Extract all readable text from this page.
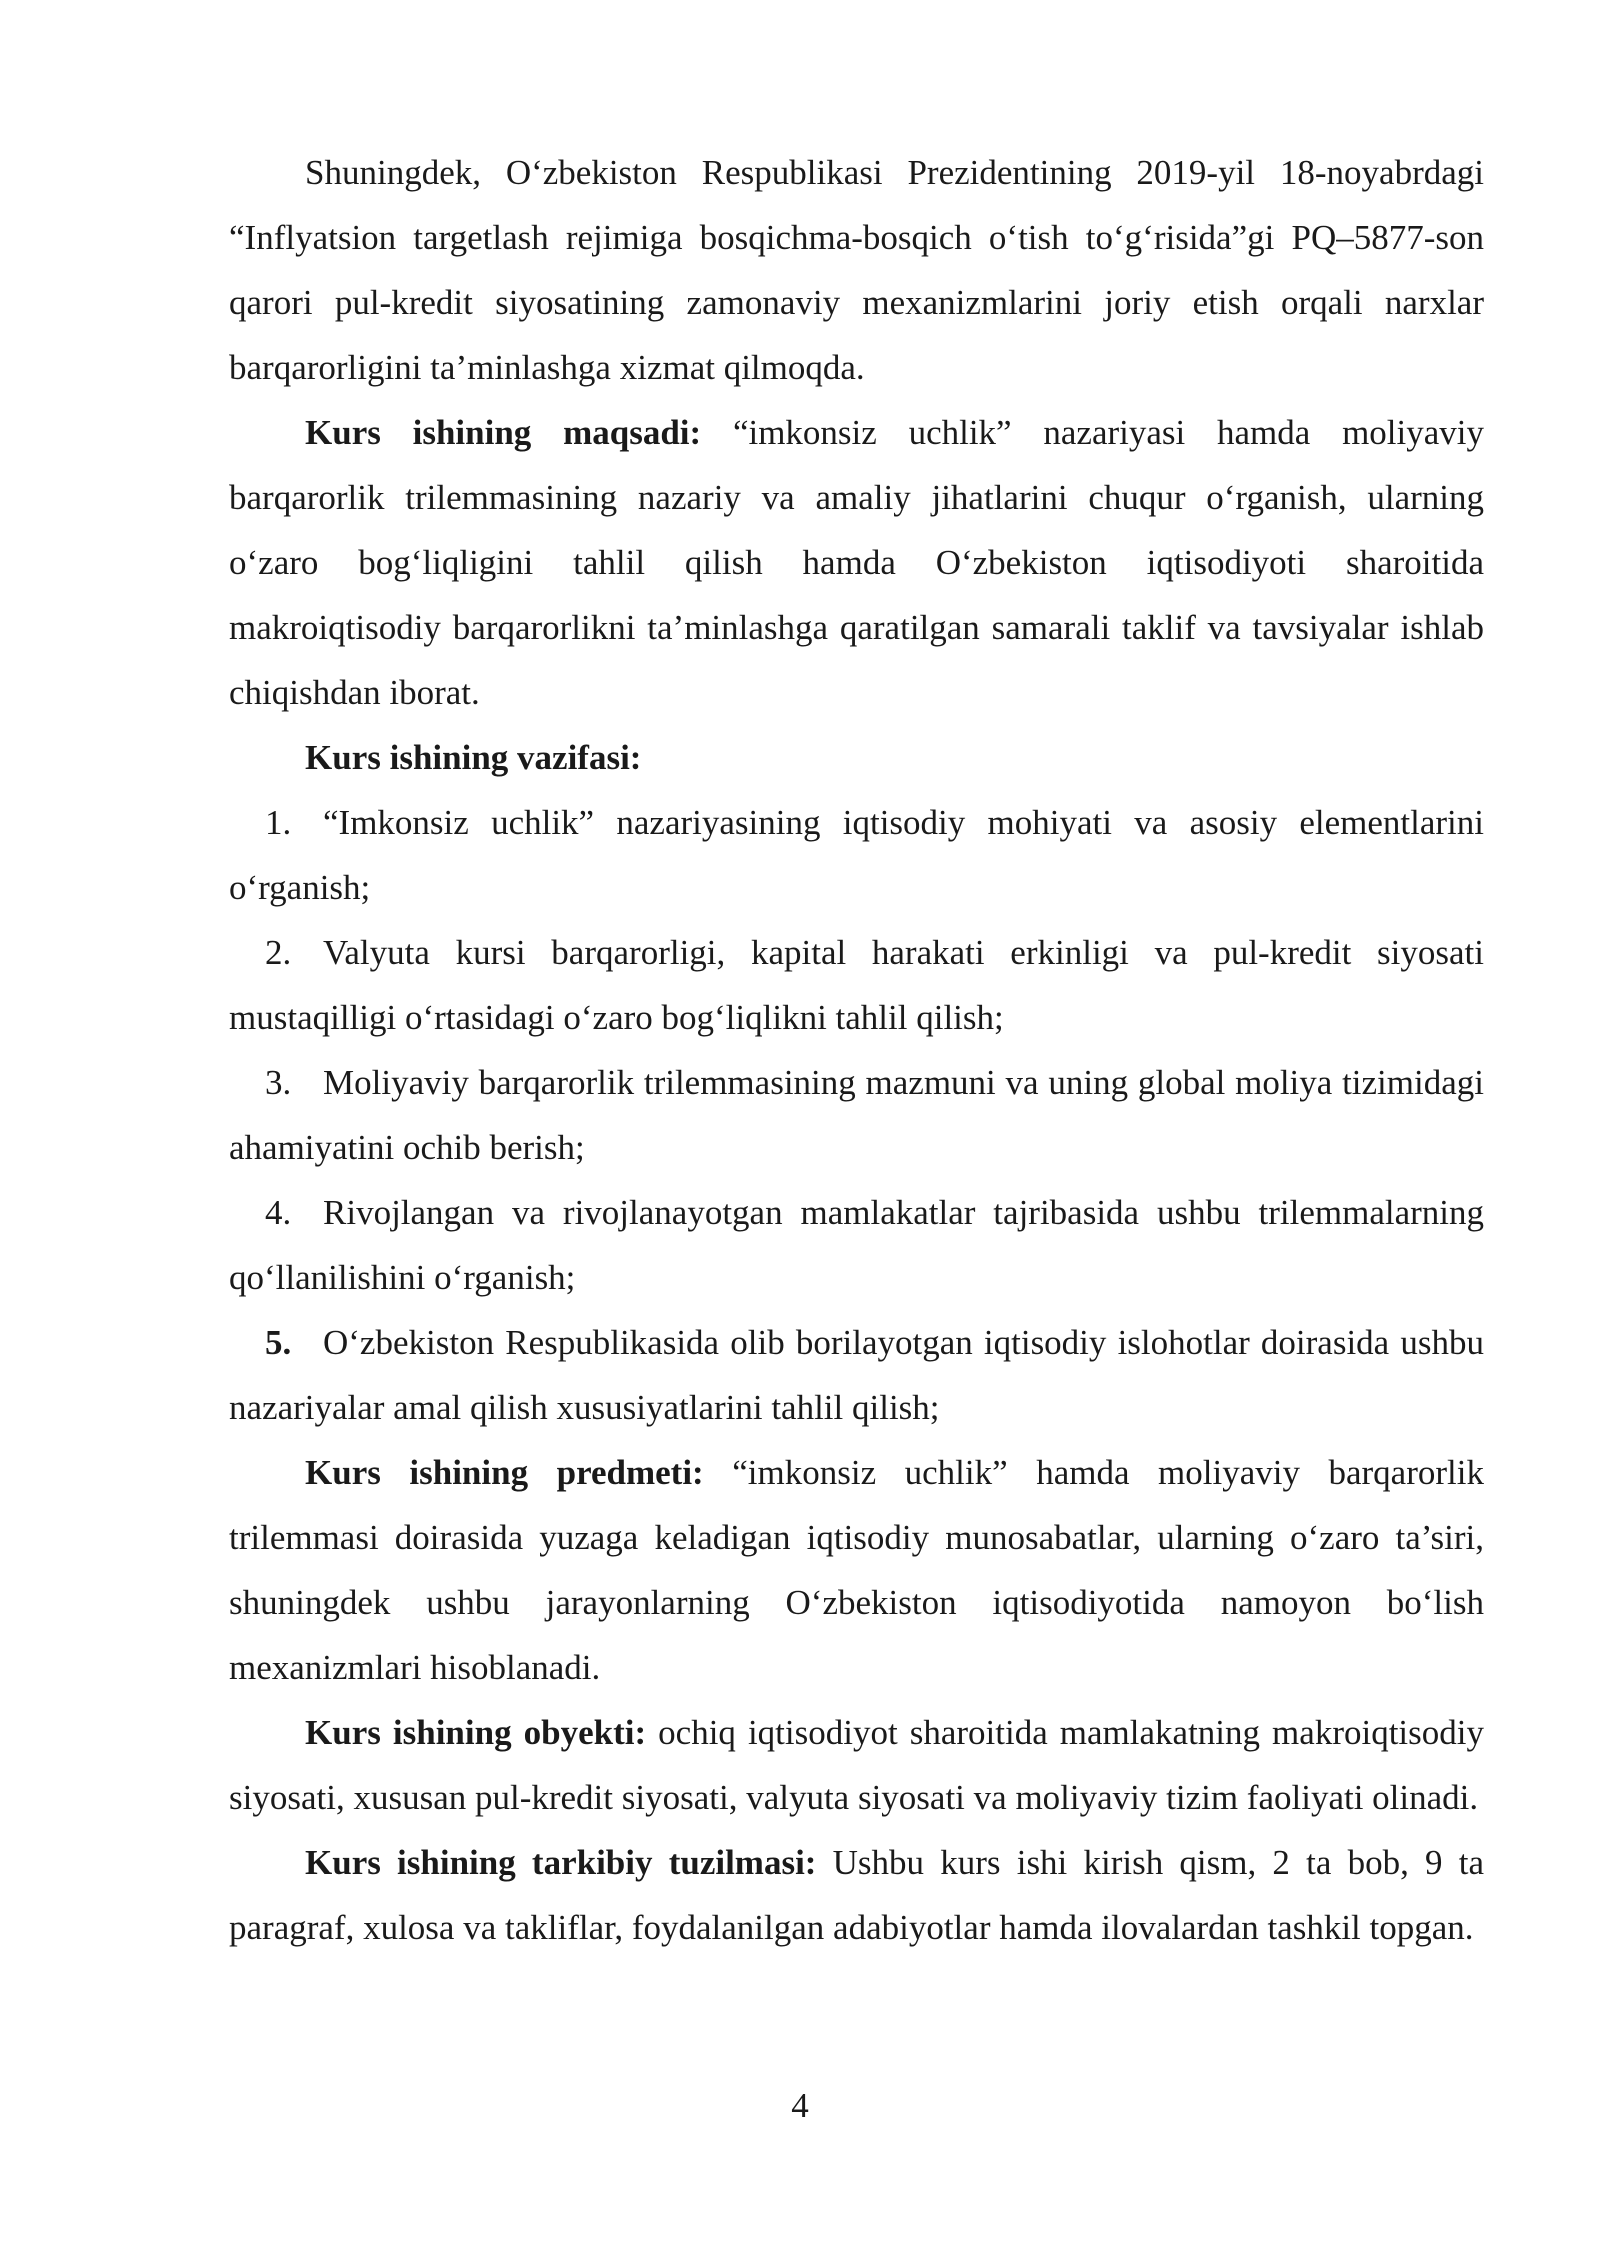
Shuningdek, O‘zbekiston Respublikasi Prezidentining 2019-yil 18-noyabrdagi “Inflyatsion targetlash rejimiga bosqichma-bosqich o‘tish to‘g‘risida”gi PQ–5877-son qarori pul-kredit siyosatining zamonaviy mexanizmlarini joriy etish orqali narxlar barqarorligini ta’minlashga xizmat qilmoqda.

Kurs ishining maqsadi: “imkonsiz uchlik” nazariyasi hamda moliyaviy barqarorlik trilemmasining nazariy va amaliy jihatlarini chuqur o‘rganish, ularning o‘zaro bog‘liqligini tahlil qilish hamda O‘zbekiston iqtisodiyoti sharoitida makroiqtisodiy barqarorlikni ta’minlashga qaratilgan samarali taklif va tavsiyalar ishlab chiqishdan iborat.

Kurs ishining vazifasi:

1. “Imkonsiz uchlik” nazariyasining iqtisodiy mohiyati va asosiy elementlarini o‘rganish;

2. Valyuta kursi barqarorligi, kapital harakati erkinligi va pul-kredit siyosati mustaqilligi o‘rtasidagi o‘zaro bog‘liqlikni tahlil qilish;

3. Moliyaviy barqarorlik trilemmasining mazmuni va uning global moliya tizimidagi ahamiyatini ochib berish;

4. Rivojlangan va rivojlanayotgan mamlakatlar tajribasida ushbu trilemmalarning qo‘llanilishini o‘rganish;

5. O‘zbekiston Respublikasida olib borilayotgan iqtisodiy islohotlar doirasida ushbu nazariyalar amal qilish xususiyatlarini tahlil qilish;

Kurs ishining predmeti: “imkonsiz uchlik” hamda moliyaviy barqarorlik trilemmasi doirasida yuzaga keladigan iqtisodiy munosabatlar, ularning o‘zaro ta’siri, shuningdek ushbu jarayonlarning O‘zbekiston iqtisodiyotida namoyon bo‘lish mexanizmlari hisoblanadi.

Kurs ishining obyekti: ochiq iqtisodiyot sharoitida mamlakatning makroiqtisodiy siyosati, xususan pul-kredit siyosati, valyuta siyosati va moliyaviy tizim faoliyati olinadi.

Kurs ishining tarkibiy tuzilmasi: Ushbu kurs ishi kirish qism, 2 ta bob, 9 ta paragraf, xulosa va takliflar, foydalanilgan adabiyotlar hamda ilovalardan tashkil topgan.

4
